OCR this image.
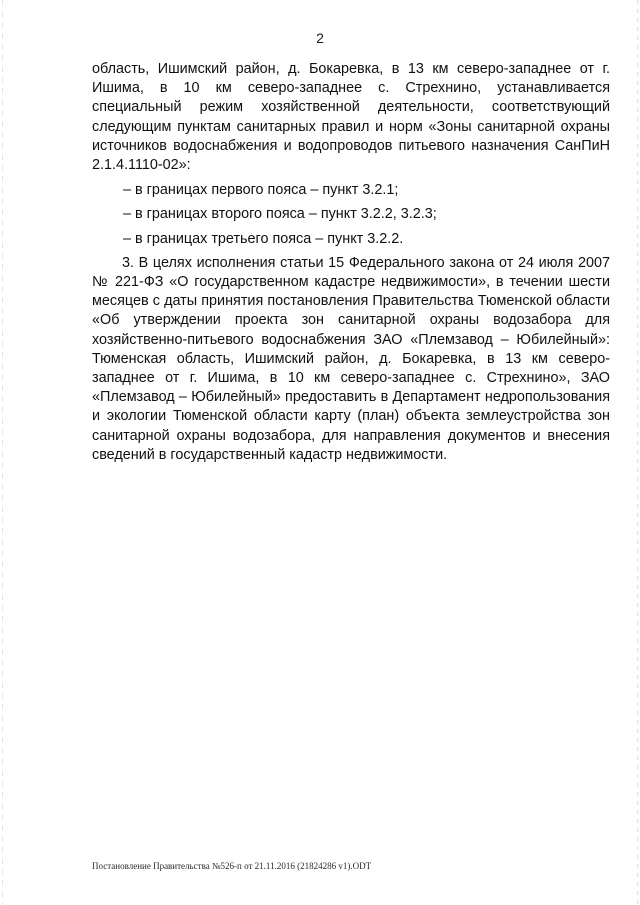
2

область, Ишимский район, д. Бокаревка, в 13 км северо-западнее от г. Ишима, в 10 км северо-западнее с. Стрехнино, устанавливается специальный режим хозяйственной деятельности, соответствующий следующим пунктам санитарных правил и норм «Зоны санитарной охраны источников водоснабжения и водопроводов питьевого назначения СанПиН 2.1.4.1110-02»:

– в границах первого пояса – пункт 3.2.1;
– в границах второго пояса – пункт 3.2.2, 3.2.3;
– в границах третьего пояса – пункт 3.2.2.

3. В целях исполнения статьи 15 Федерального закона от 24 июля 2007 № 221-ФЗ «О государственном кадастре недвижимости», в течении шести месяцев с даты принятия постановления Правительства Тюменской области «Об утверждении проекта зон санитарной охраны водозабора для хозяйственно-питьевого водоснабжения ЗАО «Племзавод – Юбилейный»: Тюменская область, Ишимский район, д. Бокаревка, в 13 км северо-западнее от г. Ишима, в 10 км северо-западнее с. Стрехнино», ЗАО «Племзавод – Юбилейный» предоставить в Департамент недропользования и экологии Тюменской области карту (план) объекта землеустройства зон санитарной охраны водозабора, для направления документов и внесения сведений в государственный кадастр недвижимости.

Постановление Правительства №526-п от 21.11.2016 (21824286 v1).ODT
